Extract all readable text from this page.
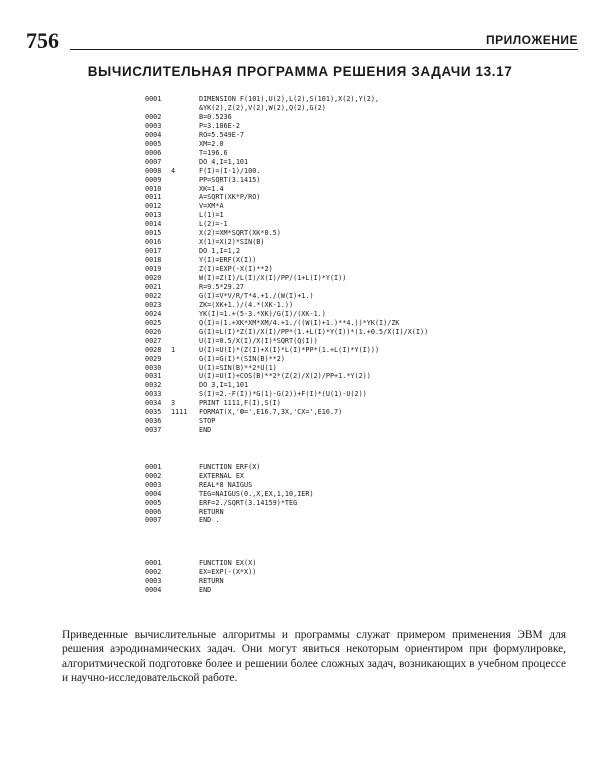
756	ПРИЛОЖЕНИЕ
ВЫЧИСЛИТЕЛЬНАЯ ПРОГРАММА РЕШЕНИЯ ЗАДАЧИ 13.17
0001	DIMENSION F(101),U(2),L(2),S(101),X(2),Y(2),
&YK(2),Z(2),V(2),W(2),Q(2),G(2)
0002	B=0.5236
0003	P=3.186E-2
0004	RO=5.549E-7
0005	XM=2.0
0006	T=196.6
0007	DO 4,I=1,101
0008 4	F(I)=(I-1)/100.
0009	PP=SQRT(3.1415)
0010	XK=1.4
0011	A=SQRT(XK*P/RO)
0012	V=XM*A
0013	L(1)=1
0014	L(2)=-1
0015	X(2)=XM*SQRT(XK*0.5)
0016	X(1)=X(2)*SIN(B)
0017	DO 1,I=1,2
0018	Y(I)=ERF(X(I))
0019	Z(I)=EXP(-X(I)**2)
0020	W(I)=Z(I)/L(I)/X(I)/PP/(1+L(I)*Y(I))
0021	R=9.5*29.27
0022	G(I)=V*V/R/T*4.+1./(W(I)+1.)
0023	ZK=(XK+1.)/(4.*(XK-1.))
0024	YK(I)=1.+(5-3.*XK)/G(I)/(XK-1.)
0025	Q(I)=(1.+XK*XM*XM/4.+1./((W(I)+1.)**4.))*YK(I)/ZK
0026	G(I)=L(I)*Z(I)/X(I)/PP*(1.+L(I)*Y(I))*(1.+0.5/X(I)/X(I))
0027	U(I)=0.5/X(I)/X(I)*SQRT(Q(I))
0028 1	U(I)=U(I)*(Z(I)+X(I)*L(I)*PP*(1.+L(I)*Y(I)))
0029	G(I)=G(I)*(SIN(B)**2)
0030	U(I)=SIN(B)**2*U(1)
0031	U(I)=U(I)+COS(B)**2*(Z(2)/X(2)/PP+1.*Y(2))
0032	DO 3,I=1,101
0033	S(I)=2.-F(I))*G(1)-G(2))+F(I)*(U(1)-U(2))
0034 3	PRINT 1111,F(I),S(I)
0035 1111 FORMAT(X,'Ф=',E16.7,3X,'CX=',E16.7)
0036	STOP
0037	END
0001	FUNCTION ERF(X)
0002	EXTERNAL EX
0003	REAL*8 NAIGUS
0004	TEG=NAIGUS(0.,X,EX,1,10,IER)
0005	ERF=2./SQRT(3.14159)*TEG
0006	RETURN
0007	END .
0001	FUNCTION EX(X)
0002	EX=EXP(-(X*X))
0003	RETURN
0004	END
Приведенные вычислительные алгоритмы и программы служат примером применения ЭВМ для решения аэродинамических задач. Они могут явиться некоторым ориентиром при формулировке, алгоритмической подготовке более и решении более сложных задач, возникающих в учебном процессе и научно-исследовательской работе.
